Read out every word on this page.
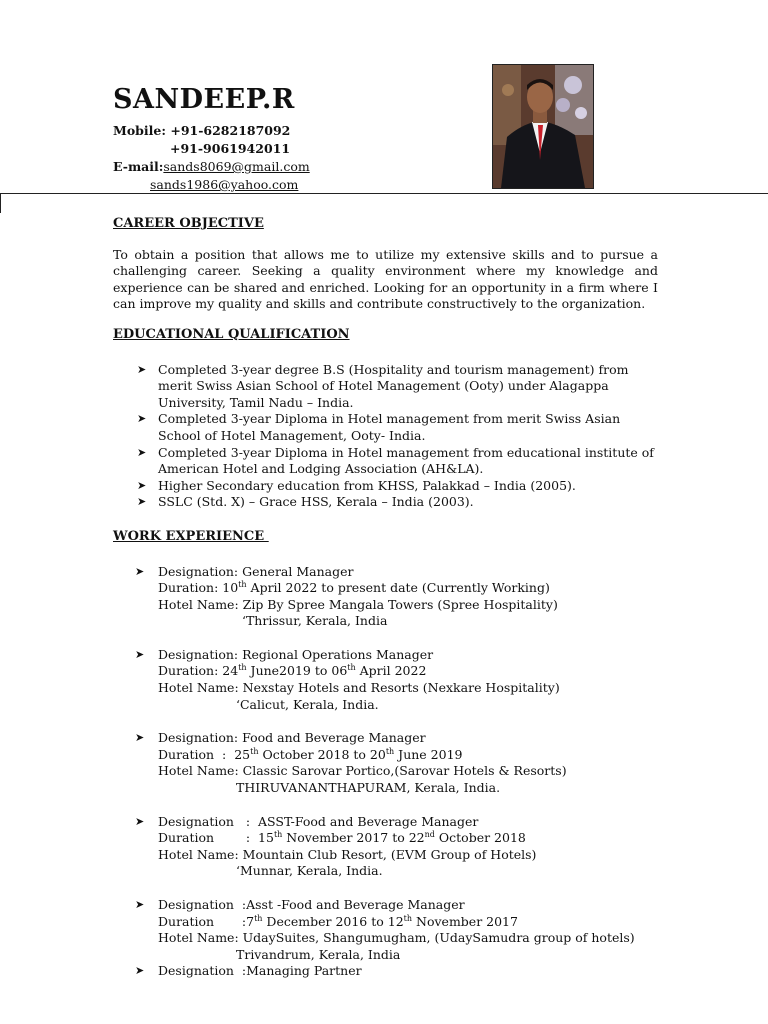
SANDEEP.R
Mobile: +91-6282187092
+91-9061942011
E-mail:sands8069@gmail.com
sands1986@yahoo.com
CAREER OBJECTIVE

To obtain a position that allows me to utilize my extensive skills and to pursue a challenging career. Seeking a quality environment where my knowledge and experience can be shared and enriched. Looking for an opportunity in a firm where I can improve my quality and skills and contribute constructively to the organization.

EDUCATIONAL QUALIFICATION
➤ Completed 3-year degree B.S (Hospitality and tourism management) from merit Swiss Asian School of Hotel Management (Ooty) under Alagappa University, Tamil Nadu – India.
➤ Completed 3-year Diploma in Hotel management from merit Swiss Asian School of Hotel Management, Ooty- India.
➤ Completed 3-year Diploma in Hotel management from educational institute of American Hotel and Lodging Association (AH&LA).
➤ Higher Secondary education from KHSS, Palakkad – India (2005).
➤ SSLC (Std. X) – Grace HSS, Kerala – India (2003).
WORK EXPERIENCE
➤ Designation: General Manager
Duration: 10th April 2022 to present date (Currently Working)
Hotel Name: Zip By Spree Mangala Towers (Spree Hospitality)
‘Thrissur, Kerala, India
➤ Designation: Regional Operations Manager
Duration: 24th June2019 to 06th April 2022
Hotel Name: Nexstay Hotels and Resorts (Nexkare Hospitality)
‘Calicut, Kerala, India.
➤ Designation: Food and Beverage Manager
Duration  :  25th October 2018 to 20th June 2019
Hotel Name: Classic Sarovar Portico,(Sarovar Hotels & Resorts)
THIRUVANANTHAPURAM, Kerala, India.
➤ Designation   :  ASST-Food and Beverage Manager
Duration        :  15th November 2017 to 22nd October 2018
Hotel Name: Mountain Club Resort, (EVM Group of Hotels)
‘Munnar, Kerala, India.
➤ Designation  :Asst -Food and Beverage Manager
Duration       :7th December 2016 to 12th November 2017
Hotel Name: UdaySuites, Shangumugham, (UdaySamudra group of hotels)
Trivandrum, Kerala, India
➤ Designation  :Managing Partner
